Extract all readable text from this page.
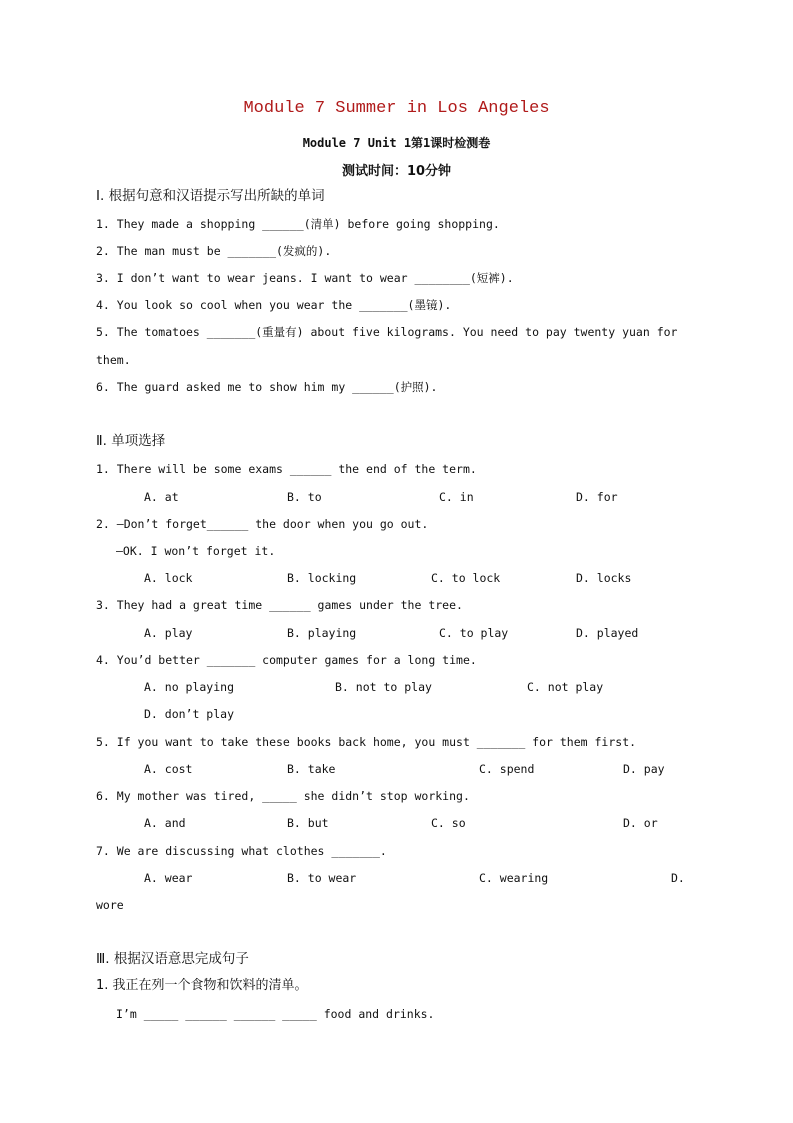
Module 7 Summer in Los Angeles
Module 7 Unit 1第1课时检测卷
测试时间：10分钟
Ⅰ. 根据句意和汉语提示写出所缺的单词
1. They made a shopping ______(清单) before going shopping.
2. The man must be _______(发疯的).
3. I don’t want to wear jeans. I want to wear ________(短裤).
4. You look so cool when you wear the _______(墨镜).
5. The tomatoes _______(重量有) about five kilograms. You need to pay twenty yuan for
them.
6. The guard asked me to show him my ______(护照).
Ⅱ. 单项选择
1. There will be some exams ______ the end of the term.
A. at	B. to	C. in	D. for
2. —Don’t forget______ the door when you go out.
—OK. I won’t forget it.
A. lock	B. locking	C. to lock	D. locks
3. They had a great time ______ games under the tree.
A. play	B. playing	C. to play	D. played
4. You’d better _______ computer games for a long time.
A. no playing	B. not to play	C. not play
D. don’t play
5. If you want to take these books back home, you must _______ for them first.
A. cost	B. take	C. spend	D. pay
6. My mother was tired, _____ she didn’t stop working.
A. and	B. but	C. so	D. or
7. We are discussing what clothes _______.
A. wear	B. to wear	C. wearing	D.
wore
Ⅲ. 根据汉语意思完成句子
1. 我正在列一个食物和饮料的清单。
I’m _____ ______ ______ _____ food and drinks.
